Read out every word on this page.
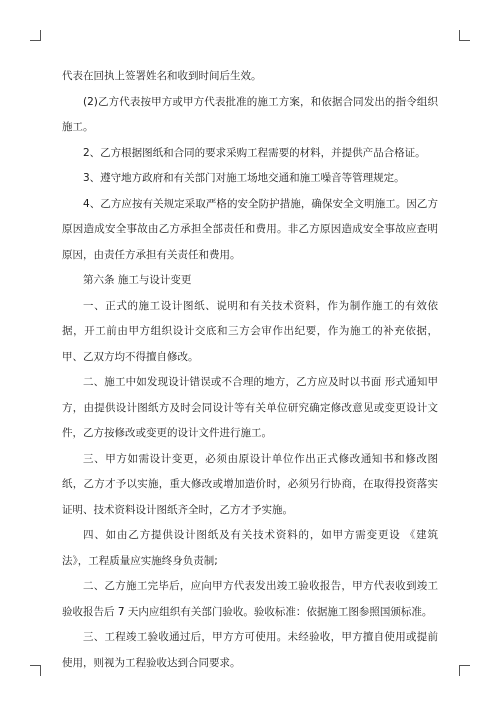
代表在回执上签署姓名和收到时间后生效。

(2)乙方代表按甲方或甲方代表批准的施工方案，和依据合同发出的指令组织施工。

2、乙方根据图纸和合同的要求采购工程需要的材料，并提供产品合格证。

3、遵守地方政府和有关部门对施工场地交通和施工噪音等管理规定。

4、乙方应按有关规定采取严格的安全防护措施，确保安全文明施工。因乙方原因造成安全事故由乙方承担全部责任和费用。非乙方原因造成安全事故应查明原因，由责任方承担有关责任和费用。

第六条 施工与设计变更

一、正式的施工设计图纸、说明和有关技术资料，作为制作施工的有效依据，开工前由甲方组织设计交底和三方会审作出纪要，作为施工的补充依据，甲、乙双方均不得擅自修改。

二、施工中如发现设计错误或不合理的地方，乙方应及时以书面 形式通知甲方，由提供设计图纸方及时会同设计等有关单位研究确定修改意见或变更设计文件，乙方按修改或变更的设计文件进行施工。

三、甲方如需设计变更，必须由原设计单位作出正式修改通知书和修改图纸，乙方才予以实施，重大修改或增加造价时，必须另行协商，在取得投资落实证明、技术资料设计图纸齐全时，乙方才予实施。

四、如由乙方提供设计图纸及有关技术资料的，如甲方需变更设 《建筑法》，工程质量应实施终身负责制;

二、乙方施工完毕后，应向甲方代表发出竣工验收报告，甲方代表收到竣工验收报告后 7 天内应组织有关部门验收。验收标准：依据施工图参照国颁标准。

三、工程竣工验收通过后，甲方方可使用。未经验收，甲方擅自使用或提前使用，则视为工程验收达到合同要求。
